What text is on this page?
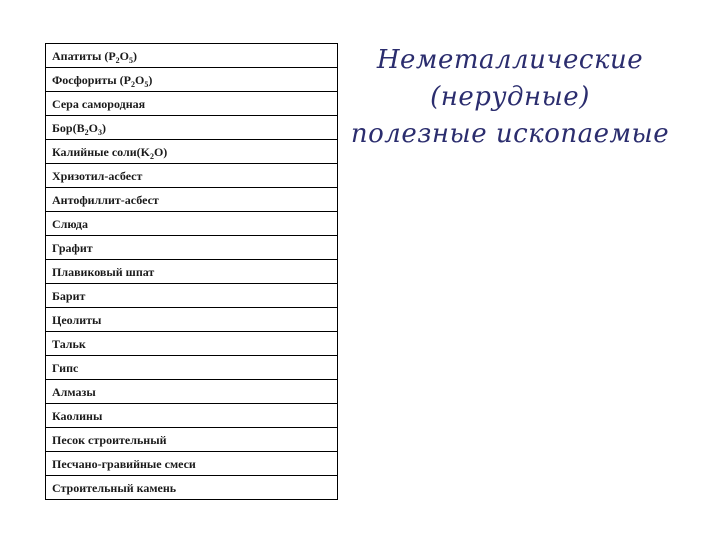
Апатиты $(P_2O_5)$
Фосфориты $(P_2O_5)$
Сера самородная
$Бор(B_2O_3)$
Калийные $соли(K_2O)$
Хризотил-асбест
Антофиллит-асбест
Слюда
Графит
Плавиковый шпат
Барит
Цеолиты
Тальк
Гипс
Алмазы
Каолины
Песок строительный
Песчано-гравийные смеси
Строительный камень
Неметаллические
(нерудные)
полезные ископаемые
